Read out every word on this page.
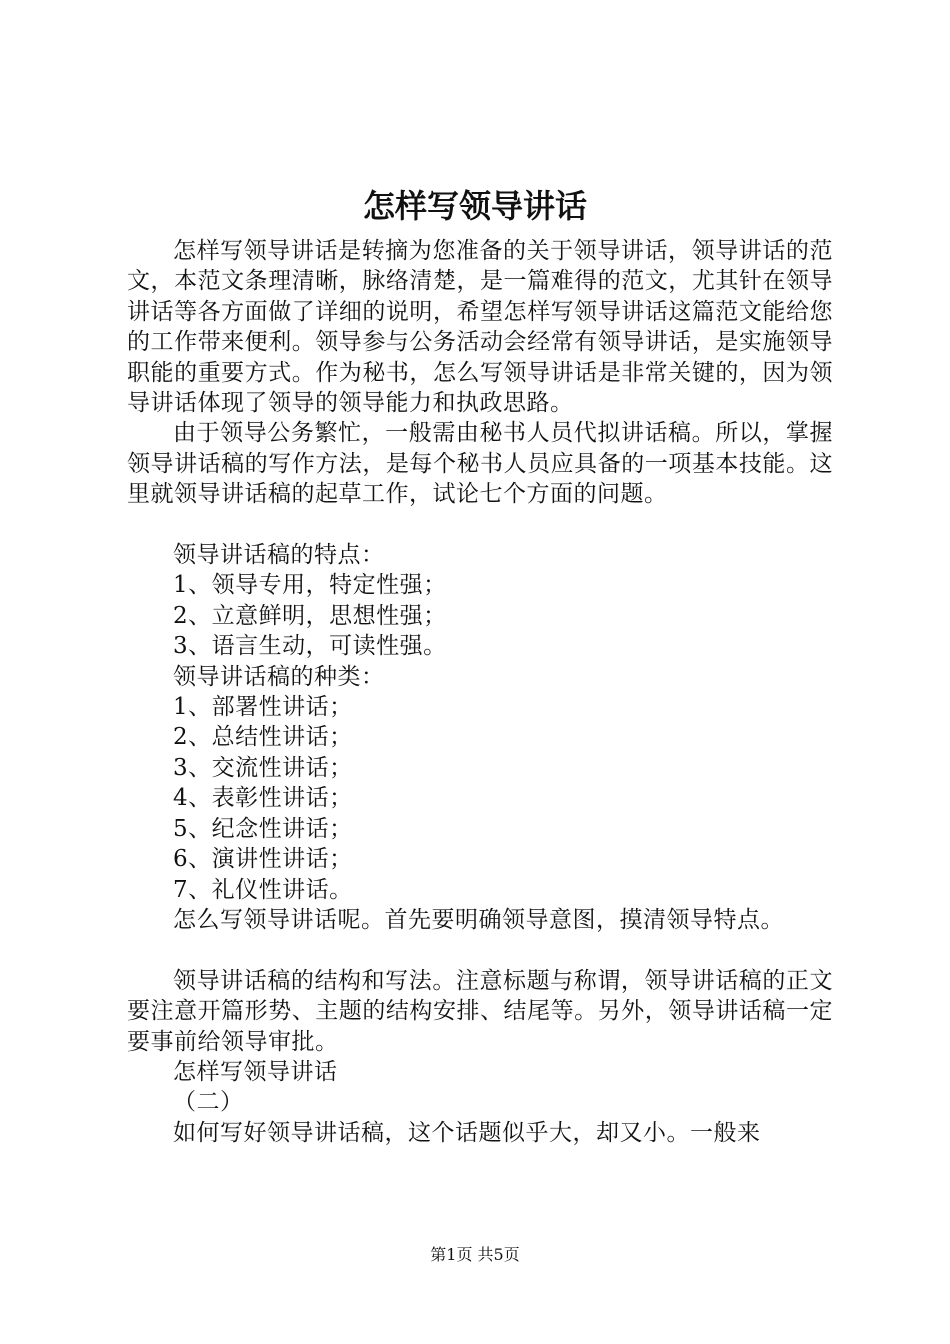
怎样写领导讲话

怎样写领导讲话是转摘为您准备的关于领导讲话，领导讲话的范文，本范文条理清晰，脉络清楚，是一篇难得的范文，尤其针在领导讲话等各方面做了详细的说明，希望怎样写领导讲话这篇范文能给您的工作带来便利。领导参与公务活动会经常有领导讲话，是实施领导职能的重要方式。作为秘书，怎么写领导讲话是非常关键的，因为领导讲话体现了领导的领导能力和执政思路。

由于领导公务繁忙，一般需由秘书人员代拟讲话稿。所以，掌握领导讲话稿的写作方法，是每个秘书人员应具备的一项基本技能。这里就领导讲话稿的起草工作，试论七个方面的问题。

领导讲话稿的特点：

1、领导专用，特定性强；

2、立意鲜明，思想性强；

3、语言生动，可读性强。

领导讲话稿的种类：

1、部署性讲话；

2、总结性讲话；

3、交流性讲话；

4、表彰性讲话；

5、纪念性讲话；

6、演讲性讲话；

7、礼仪性讲话。

怎么写领导讲话呢。首先要明确领导意图，摸清领导特点。

领导讲话稿的结构和写法。注意标题与称谓，领导讲话稿的正文要注意开篇形势、主题的结构安排、结尾等。另外，领导讲话稿一定要事前给领导审批。

怎样写领导讲话

（二）

如何写好领导讲话稿，这个话题似乎大，却又小。一般来

第1页 共5页
